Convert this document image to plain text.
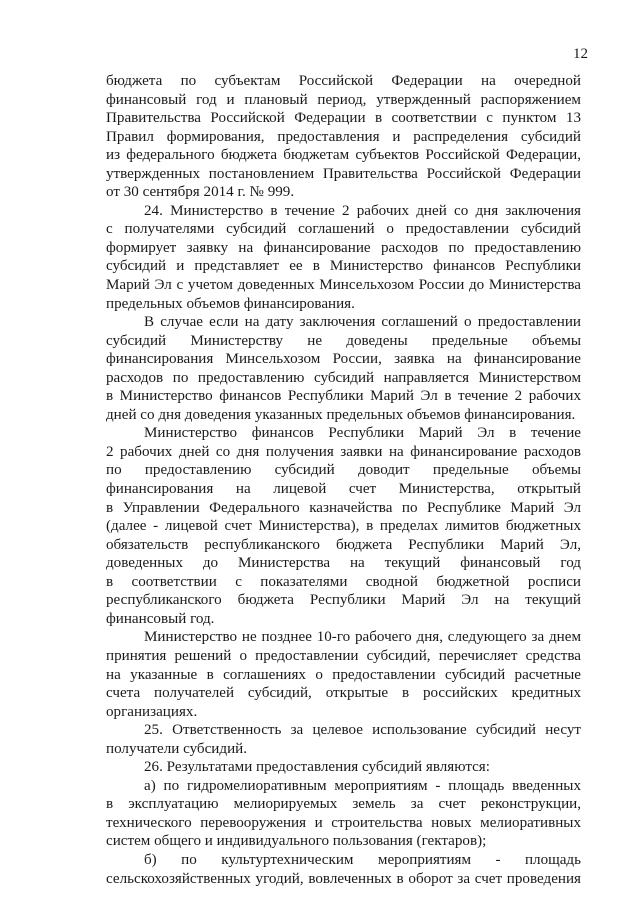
12

бюджета по субъектам Российской Федерации на очередной

финансовый год и плановый период, утвержденный распоряжением

Правительства Российской Федерации в соответствии с пунктом 13

Правил формирования, предоставления и распределения субсидий

из федерального бюджета бюджетам субъектов Российской Федерации,

утвержденных постановлением Правительства Российской Федерации

от 30 сентября 2014 г. № 999.

24. Министерство в течение 2 рабочих дней со дня заключения

с получателями субсидий соглашений о предоставлении субсидий

формирует заявку на финансирование расходов по предоставлению

субсидий и представляет ее в Министерство финансов Республики

Марий Эл с учетом доведенных Минсельхозом России до Министерства

предельных объемов финансирования.

В случае если на дату заключения соглашений о предоставлении

субсидий Министерству не доведены предельные объемы

финансирования Минсельхозом России, заявка на финансирование

расходов по предоставлению субсидий направляется Министерством

в Министерство финансов Республики Марий Эл в течение 2 рабочих

дней со дня доведения указанных предельных объемов финансирования.

Министерство финансов Республики Марий Эл в течение

2 рабочих дней со дня получения заявки на финансирование расходов

по предоставлению субсидий доводит предельные объемы

финансирования на лицевой счет Министерства, открытый

в Управлении Федерального казначейства по Республике Марий Эл

(далее - лицевой счет Министерства), в пределах лимитов бюджетных

обязательств республиканского бюджета Республики Марий Эл,

доведенных до Министерства на текущий финансовый год

в соответствии с показателями сводной бюджетной росписи

республиканского бюджета Республики Марий Эл на текущий

финансовый год.

Министерство не позднее 10-го рабочего дня, следующего за днем

принятия решений о предоставлении субсидий, перечисляет средства

на указанные в соглашениях о предоставлении субсидий расчетные

счета получателей субсидий, открытые в российских кредитных

организациях.

25. Ответственность за целевое использование субсидий несут

получатели субсидий.

26. Результатами предоставления субсидий являются:

а) по гидромелиоративным мероприятиям - площадь введенных

в эксплуатацию мелиорируемых земель за счет реконструкции,

технического перевооружения и строительства новых мелиоративных

систем общего и индивидуального пользования (гектаров);

б) по культуртехническим мероприятиям - площадь

сельскохозяйственных угодий, вовлеченных в оборот за счет проведения
